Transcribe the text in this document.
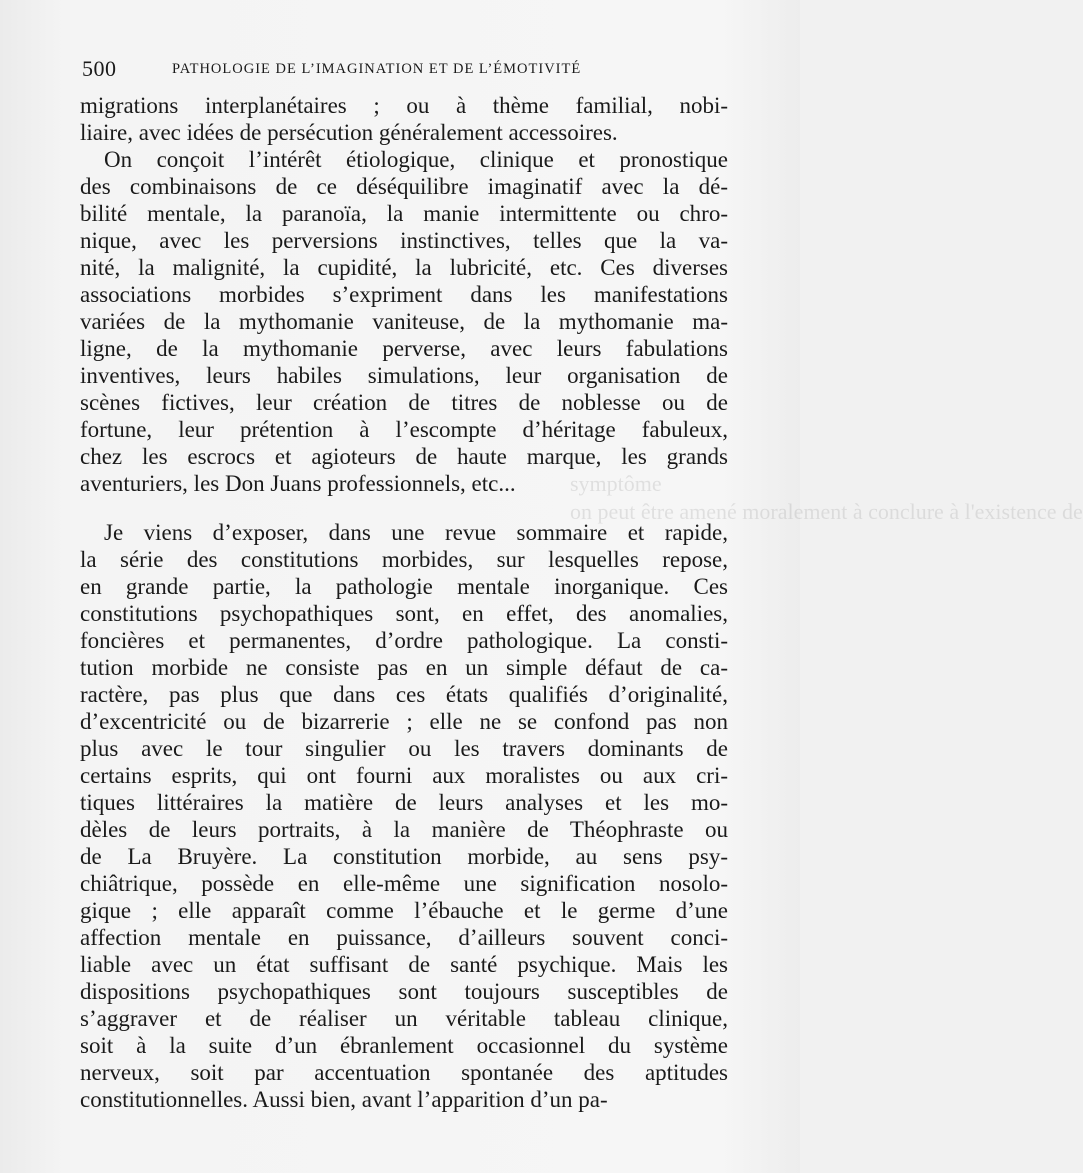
500	PATHOLOGIE DE L’IMAGINATION ET DE L’ÉMOTIVITÉ
symptôme
on peut être amené moralement à conclure à l'existence de
migrations interplanétaires ; ou à thème familial, nobi-
liaire, avec idées de persécution généralement accessoires.
On conçoit l’intérêt étiologique, clinique et pronostique
des combinaisons de ce déséquilibre imaginatif avec la dé-
bilité mentale, la paranoïa, la manie intermittente ou chro-
nique, avec les perversions instinctives, telles que la va-
nité, la malignité, la cupidité, la lubricité, etc. Ces diverses
associations morbides s’expriment dans les manifestations
variées de la mythomanie vaniteuse, de la mythomanie ma-
ligne, de la mythomanie perverse, avec leurs fabulations
inventives, leurs habiles simulations, leur organisation de
scènes fictives, leur création de titres de noblesse ou de
fortune, leur prétention à l’escompte d’héritage fabuleux,
chez les escrocs et agioteurs de haute marque, les grands
aventuriers, les Don Juans professionnels, etc...
Je viens d’exposer, dans une revue sommaire et rapide,
la série des constitutions morbides, sur lesquelles repose,
en grande partie, la pathologie mentale inorganique. Ces
constitutions psychopathiques sont, en effet, des anomalies,
foncières et permanentes, d’ordre pathologique. La consti-
tution morbide ne consiste pas en un simple défaut de ca-
ractère, pas plus que dans ces états qualifiés d’originalité,
d’excentricité ou de bizarrerie ; elle ne se confond pas non
plus avec le tour singulier ou les travers dominants de
certains esprits, qui ont fourni aux moralistes ou aux cri-
tiques littéraires la matière de leurs analyses et les mo-
dèles de leurs portraits, à la manière de Théophraste ou
de La Bruyère. La constitution morbide, au sens psy-
chiâtrique, possède en elle-même une signification nosolo-
gique ; elle apparaît comme l’ébauche et le germe d’une
affection mentale en puissance, d’ailleurs souvent conci-
liable avec un état suffisant de santé psychique. Mais les
dispositions psychopathiques sont toujours susceptibles de
s’aggraver et de réaliser un véritable tableau clinique,
soit à la suite d’un ébranlement occasionnel du système
nerveux, soit par accentuation spontanée des aptitudes
constitutionnelles. Aussi bien, avant l’apparition d’un pa-
